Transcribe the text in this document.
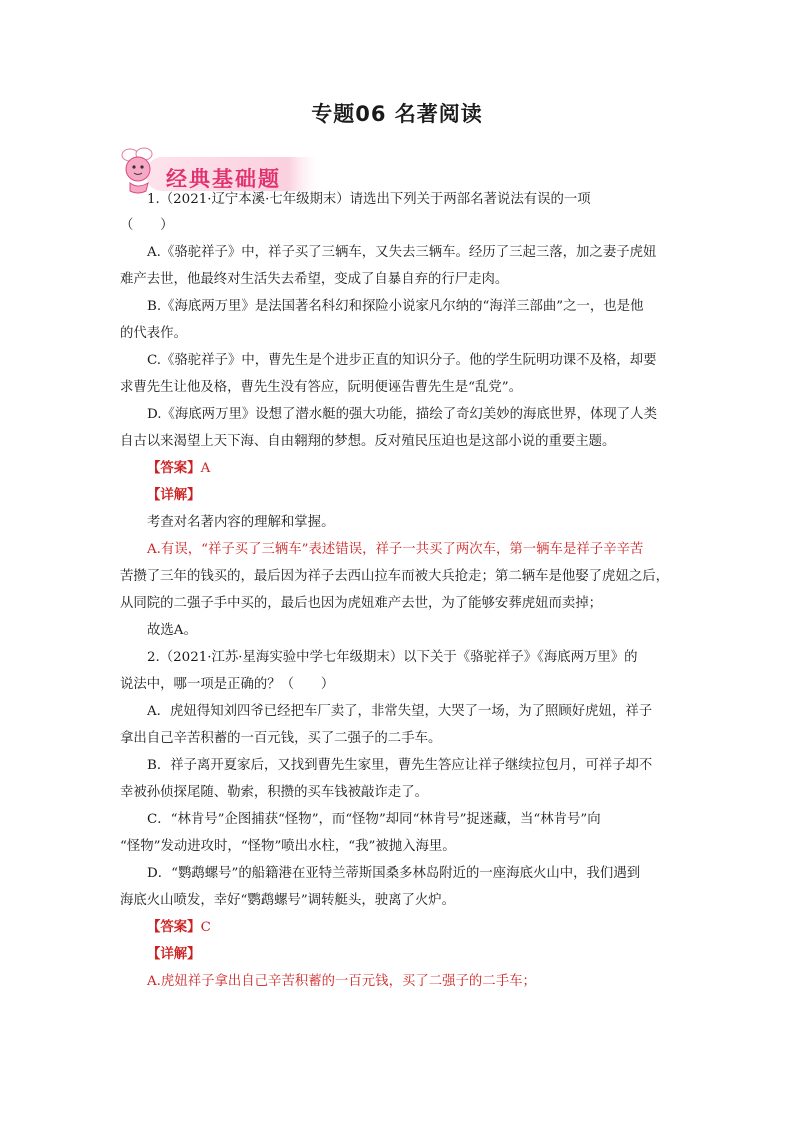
专题06 名著阅读
经典基础题

1.（2021·辽宁本溪·七年级期末）请选出下列关于两部名著说法有误的一项

（　　）

A.《骆驼祥子》中，祥子买了三辆车，又失去三辆车。经历了三起三落，加之妻子虎妞

难产去世，他最终对生活失去希望，变成了自暴自弃的行尸走肉。

B.《海底两万里》是法国著名科幻和探险小说家凡尔纳的“海洋三部曲”之一，也是他

的代表作。

C.《骆驼祥子》中，曹先生是个进步正直的知识分子。他的学生阮明功课不及格，却要

求曹先生让他及格，曹先生没有答应，阮明便诬告曹先生是“乱党”。

D.《海底两万里》设想了潜水艇的强大功能，描绘了奇幻美妙的海底世界，体现了人类

自古以来渴望上天下海、自由翱翔的梦想。反对殖民压迫也是这部小说的重要主题。

【答案】A

【详解】

考查对名著内容的理解和掌握。

A.有误，“祥子买了三辆车”表述错误，祥子一共买了两次车，第一辆车是祥子辛辛苦

苦攒了三年的钱买的，最后因为祥子去西山拉车而被大兵抢走；第二辆车是他娶了虎妞之后，

从同院的二强子手中买的，最后也因为虎妞难产去世，为了能够安葬虎妞而卖掉；

故选A。

2.（2021·江苏·星海实验中学七年级期末）以下关于《骆驼祥子》《海底两万里》的

说法中，哪一项是正确的？（　　）

A．虎妞得知刘四爷已经把车厂卖了，非常失望，大哭了一场，为了照顾好虎妞，祥子

拿出自己辛苦积蓄的一百元钱，买了二强子的二手车。

B．祥子离开夏家后，又找到曹先生家里，曹先生答应让祥子继续拉包月，可祥子却不

幸被孙侦探尾随、勒索，积攒的买车钱被敲诈走了。

C．“林肯号”企图捕获“怪物”，而“怪物”却同“林肯号”捉迷藏，当“林肯号”向

“怪物”发动进攻时，“怪物”喷出水柱，“我”被抛入海里。

D．“鹦鹉螺号”的船籍港在亚特兰蒂斯国桑多林岛附近的一座海底火山中，我们遇到

海底火山喷发，幸好“鹦鹉螺号”调转艇头，驶离了火炉。

【答案】C

【详解】

A.虎妞祥子拿出自己辛苦积蓄的一百元钱，买了二强子的二手车；
